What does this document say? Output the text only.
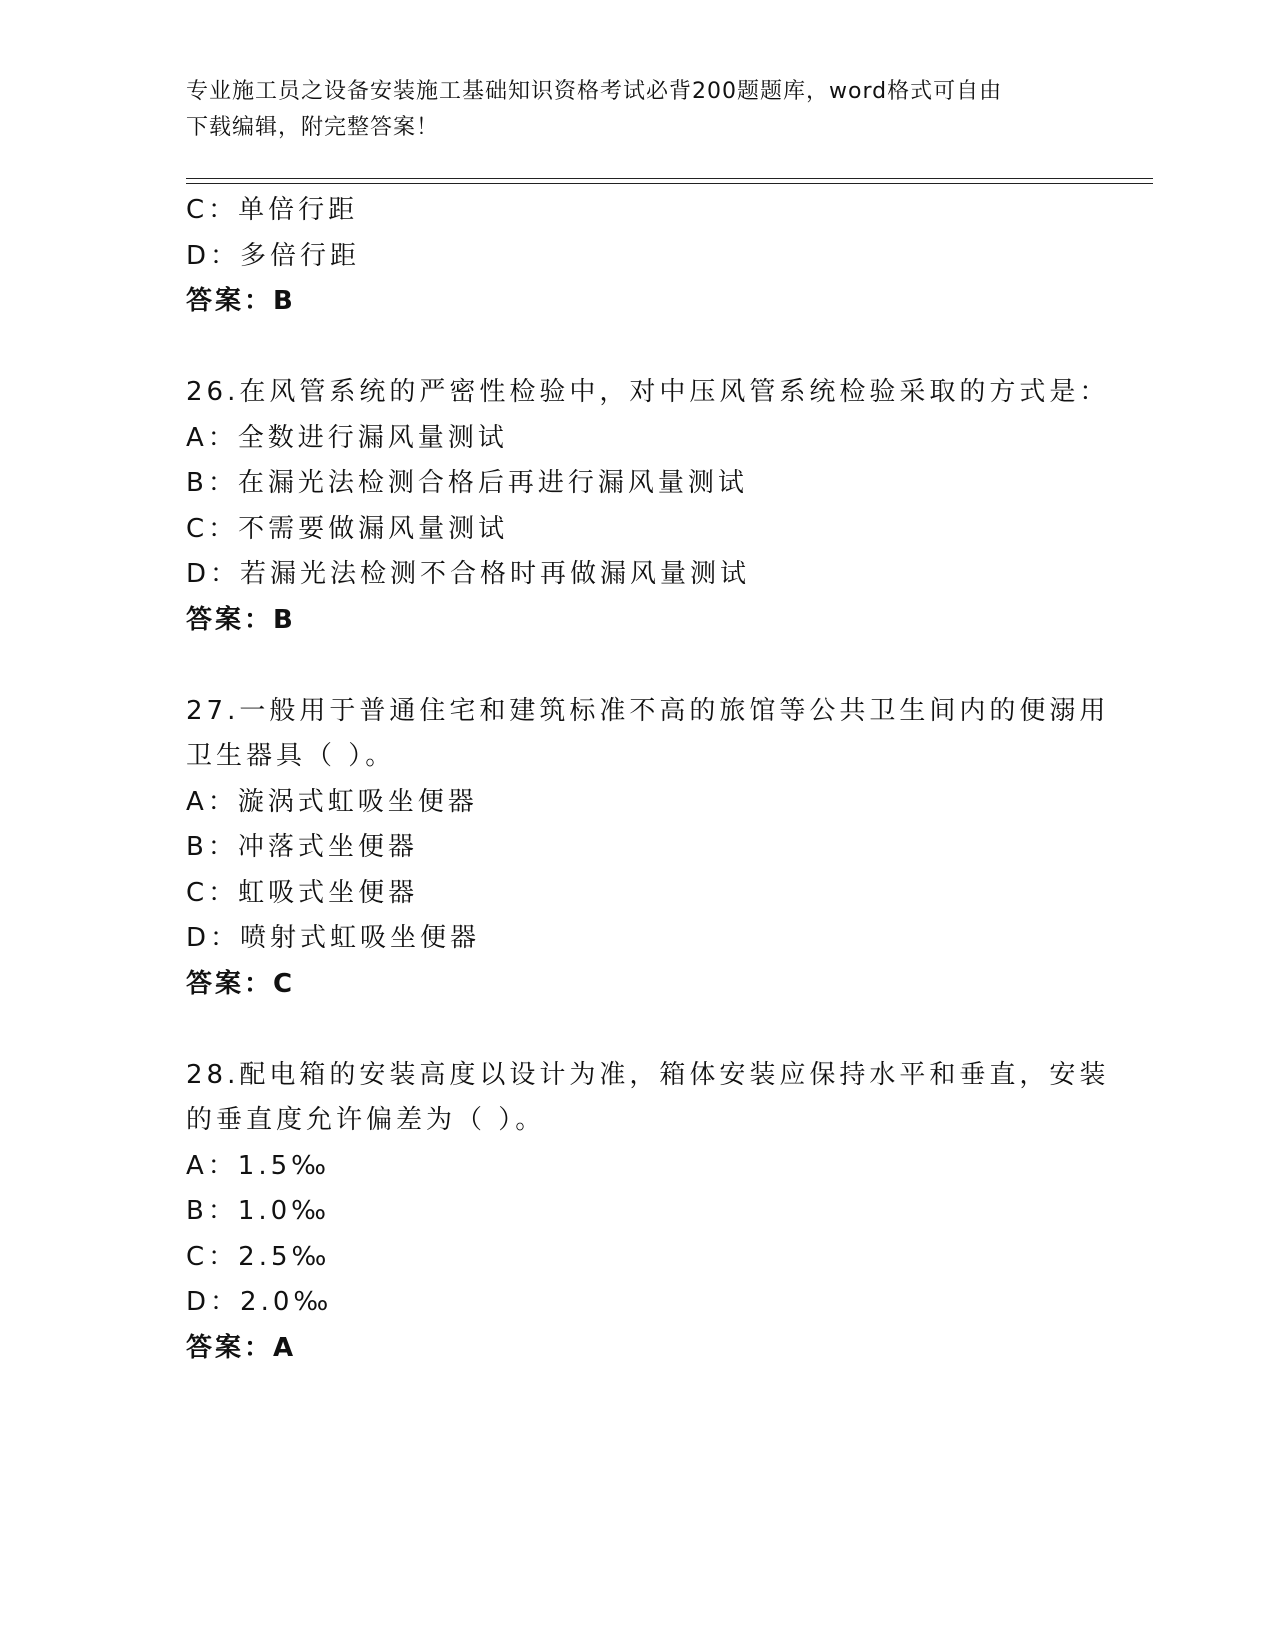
专业施工员之设备安装施工基础知识资格考试必背200题题库，word格式可自由
下载编辑，附完整答案！
C：单倍行距
D：多倍行距
答案：B
26.在风管系统的严密性检验中，对中压风管系统检验采取的方式是：
A：全数进行漏风量测试
B：在漏光法检测合格后再进行漏风量测试
C：不需要做漏风量测试
D：若漏光法检测不合格时再做漏风量测试
答案：B
27.一般用于普通住宅和建筑标准不高的旅馆等公共卫生间内的便溺用
卫生器具（ ）。
A：漩涡式虹吸坐便器
B：冲落式坐便器
C：虹吸式坐便器
D：喷射式虹吸坐便器
答案：C
28.配电箱的安装高度以设计为准，箱体安装应保持水平和垂直，安装
的垂直度允许偏差为（ ）。
A：1.5‰
B：1.0‰
C：2.5‰
D：2.0‰
答案：A
